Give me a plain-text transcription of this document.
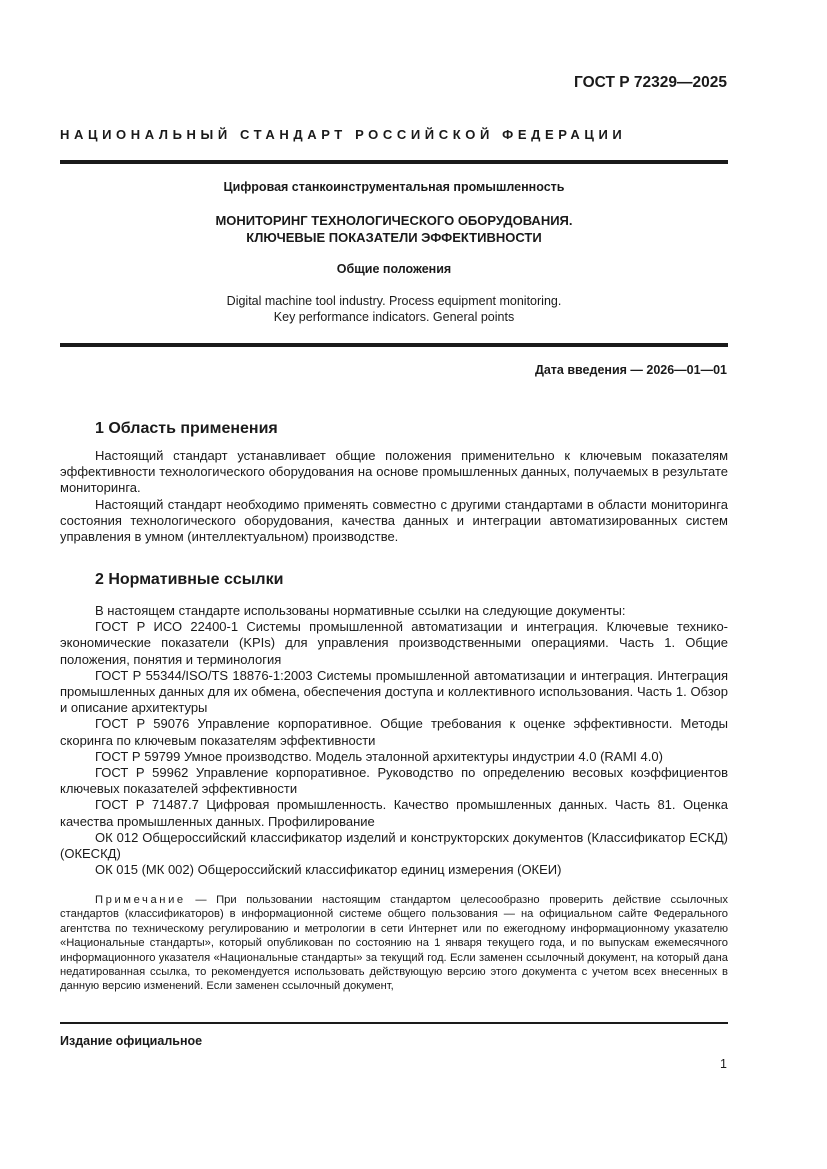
ГОСТ Р 72329—2025
НАЦИОНАЛЬНЫЙ СТАНДАРТ РОССИЙСКОЙ ФЕДЕРАЦИИ
Цифровая станкоинструментальная промышленность
МОНИТОРИНГ ТЕХНОЛОГИЧЕСКОГО ОБОРУДОВАНИЯ.
КЛЮЧЕВЫЕ ПОКАЗАТЕЛИ ЭФФЕКТИВНОСТИ
Общие положения
Digital machine tool industry. Process equipment monitoring.
Key performance indicators. General points
Дата введения — 2026—01—01
1 Область применения

Настоящий стандарт устанавливает общие положения применительно к ключевым показателям эффективности технологического оборудования на основе промышленных данных, получаемых в результате мониторинга.

Настоящий стандарт необходимо применять совместно с другими стандартами в области мониторинга состояния технологического оборудования, качества данных и интеграции автоматизированных систем управления в умном (интеллектуальном) производстве.

2 Нормативные ссылки

В настоящем стандарте использованы нормативные ссылки на следующие документы:

ГОСТ Р ИСО 22400-1 Системы промышленной автоматизации и интеграция. Ключевые технико-экономические показатели (KPIs) для управления производственными операциями. Часть 1. Общие положения, понятия и терминология

ГОСТ Р 55344/ISO/TS 18876-1:2003 Системы промышленной автоматизации и интеграция. Интеграция промышленных данных для их обмена, обеспечения доступа и коллективного использования. Часть 1. Обзор и описание архитектуры

ГОСТ Р 59076 Управление корпоративное. Общие требования к оценке эффективности. Методы скоринга по ключевым показателям эффективности

ГОСТ Р 59799 Умное производство. Модель эталонной архитектуры индустрии 4.0 (RAMI 4.0)

ГОСТ Р 59962 Управление корпоративное. Руководство по определению весовых коэффициентов ключевых показателей эффективности

ГОСТ Р 71487.7 Цифровая промышленность. Качество промышленных данных. Часть 81. Оценка качества промышленных данных. Профилирование

ОК 012 Общероссийский классификатор изделий и конструкторских документов (Классификатор ЕСКД) (ОКЕСКД)

ОК 015 (МК 002) Общероссийский классификатор единиц измерения (ОКЕИ)

Примечание — При пользовании настоящим стандартом целесообразно проверить действие ссылочных стандартов (классификаторов) в информационной системе общего пользования — на официальном сайте Федерального агентства по техническому регулированию и метрологии в сети Интернет или по ежегодному информационному указателю «Национальные стандарты», который опубликован по состоянию на 1 января текущего года, и по выпускам ежемесячного информационного указателя «Национальные стандарты» за текущий год. Если заменен ссылочный документ, на который дана недатированная ссылка, то рекомендуется использовать действующую версию этого документа с учетом всех внесенных в данную версию изменений. Если заменен ссылочный документ,

Издание официальное
1
